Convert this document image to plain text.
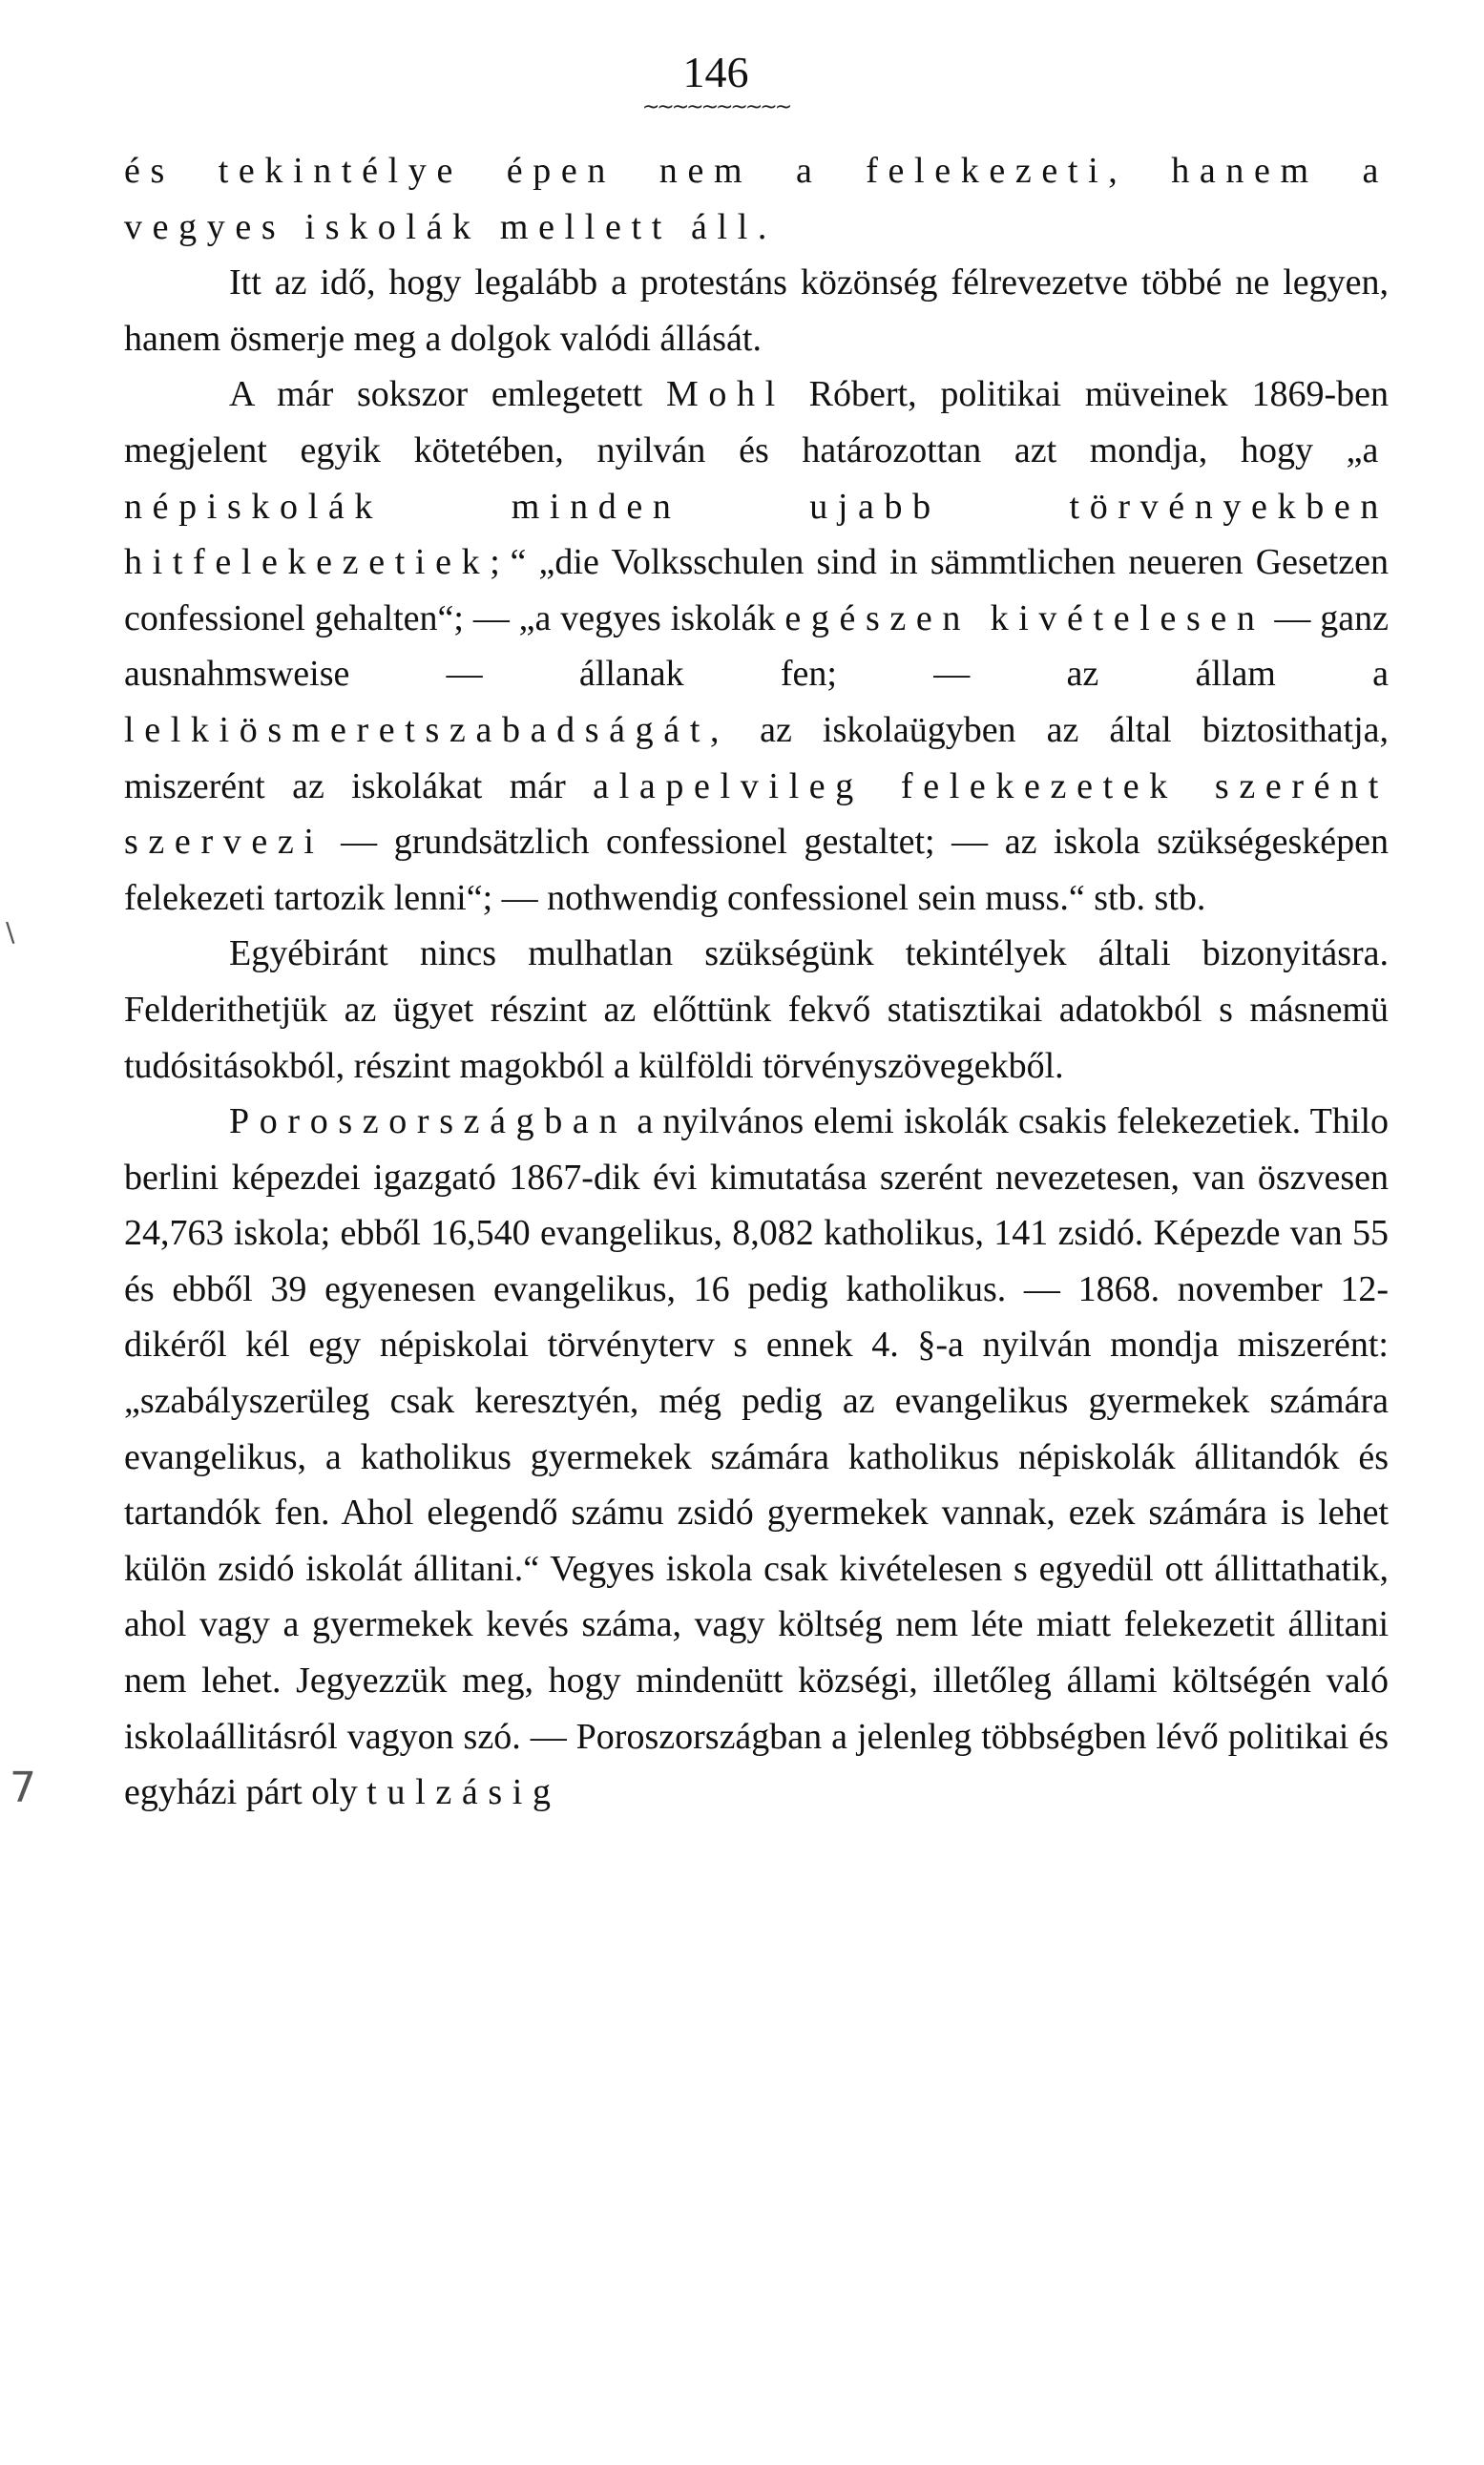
146
~~~~~~~~~~
\
7

és tekintélye épen nem a felekezeti, hanem a vegyes iskolák mellett áll.

Itt az idő, hogy legalább a protestáns közönség félrevezetve többé ne legyen, hanem ösmerje meg a dolgok valódi állását.

A már sokszor emlegetett Mohl Róbert, politikai müveinek 1869-ben megjelent egyik kötetében, nyilván és határozottan azt mondja, hogy „a népiskolák minden ujabb törvényekben hitfelekezetiek;“ „die Volksschulen sind in sämmtlichen neueren Gesetzen confessionel gehalten“; — „a vegyes iskolák egészen kivételesen — ganz ausnahmsweise — állanak fen; — az állam a lelkiösmeretszabadságát, az iskolaügyben az által biztosithatja, miszerént az iskolákat már alapelvileg felekezetek szerént szervezi — grundsätzlich confessionel gestaltet; — az iskola szükségesképen felekezeti tartozik lenni“; — nothwendig confessionel sein muss.“ stb. stb.

Egyébiránt nincs mulhatlan szükségünk tekintélyek általi bizonyitásra. Felderithetjük az ügyet részint az előttünk fekvő statisztikai adatokból s másnemü tudósitásokból, részint magokból a külföldi törvényszövegekből.

Poroszországban a nyilvános elemi iskolák csakis felekezetiek. Thilo berlini képezdei igazgató 1867-dik évi kimutatása szerént nevezetesen, van öszvesen 24,763 iskola; ebből 16,540 evangelikus, 8,082 katholikus, 141 zsidó. Képezde van 55 és ebből 39 egyenesen evangelikus, 16 pedig katholikus. — 1868. november 12-dikéről kél egy népiskolai törvényterv s ennek 4. §-a nyilván mondja miszerént: „szabályszerüleg csak keresztyén, még pedig az evangelikus gyermekek számára evangelikus, a katholikus gyermekek számára katholikus népiskolák állitandók és tartandók fen. Ahol elegendő számu zsidó gyermekek vannak, ezek számára is lehet külön zsidó iskolát állitani.“ Vegyes iskola csak kivételesen s egyedül ott állittathatik, ahol vagy a gyermekek kevés száma, vagy költség nem léte miatt felekezetit állitani nem lehet. Jegyezzük meg, hogy mindenütt községi, illetőleg állami költségén való iskolaállitásról vagyon szó. — Poroszországban a jelenleg többségben lévő politikai és egyházi párt oly tulzásig
